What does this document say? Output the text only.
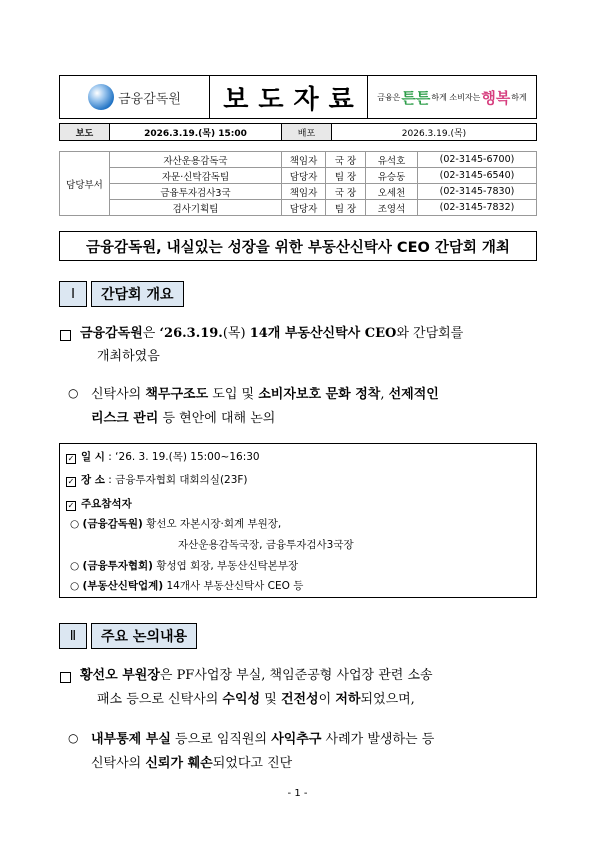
금융감독원	보도자료	금융은 튼튼 하게 소비자는 행복 하게
보도	2026.3.19.(목) 15:00	배포	2026.3.19.(목)
담당부서	자산운용감독국	책임자	국 장	유석호	(02-3145-6700)
	자문·신탁감독팀	담당자	팀 장	유승동	(02-3145-6540)
	금융투자검사3국	책임자	국 장	오세천	(02-3145-7830)
	검사기획팀	담당자	팀 장	조영석	(02-3145-7832)
금융감독원, 내실있는 성장을 위한 부동산신탁사 CEO 간담회 개최
Ⅰ	간담회 개요
금융감독원은 ‘26.3.19.(목) 14개 부동산신탁사 CEO와 간담회를
개최하였음
○ 신탁사의 책무구조도 도입 및 소비자보호 문화 정착, 선제적인
리스크 관리 등 현안에 대해 논의
✓ 일 시 : ‘26. 3. 19.(목) 15:00~16:30
✓ 장 소 : 금융투자협회 대회의실(23F)
✓ 주요참석자
○ (금융감독원) 황선오 자본시장·회계 부원장,
자산운용감독국장, 금융투자검사3국장
○ (금융투자협회) 황성엽 회장, 부동산신탁본부장
○ (부동산신탁업계) 14개사 부동산신탁사 CEO 등
Ⅱ	주요 논의내용
황선오 부원장은 PF사업장 부실, 책임준공형 사업장 관련 소송
패소 등으로 신탁사의 수익성 및 건전성이 저하되었으며,
○ 내부통제 부실 등으로 임직원의 사익추구 사례가 발생하는 등
신탁사의 신뢰가 훼손되었다고 진단
- 1 -
